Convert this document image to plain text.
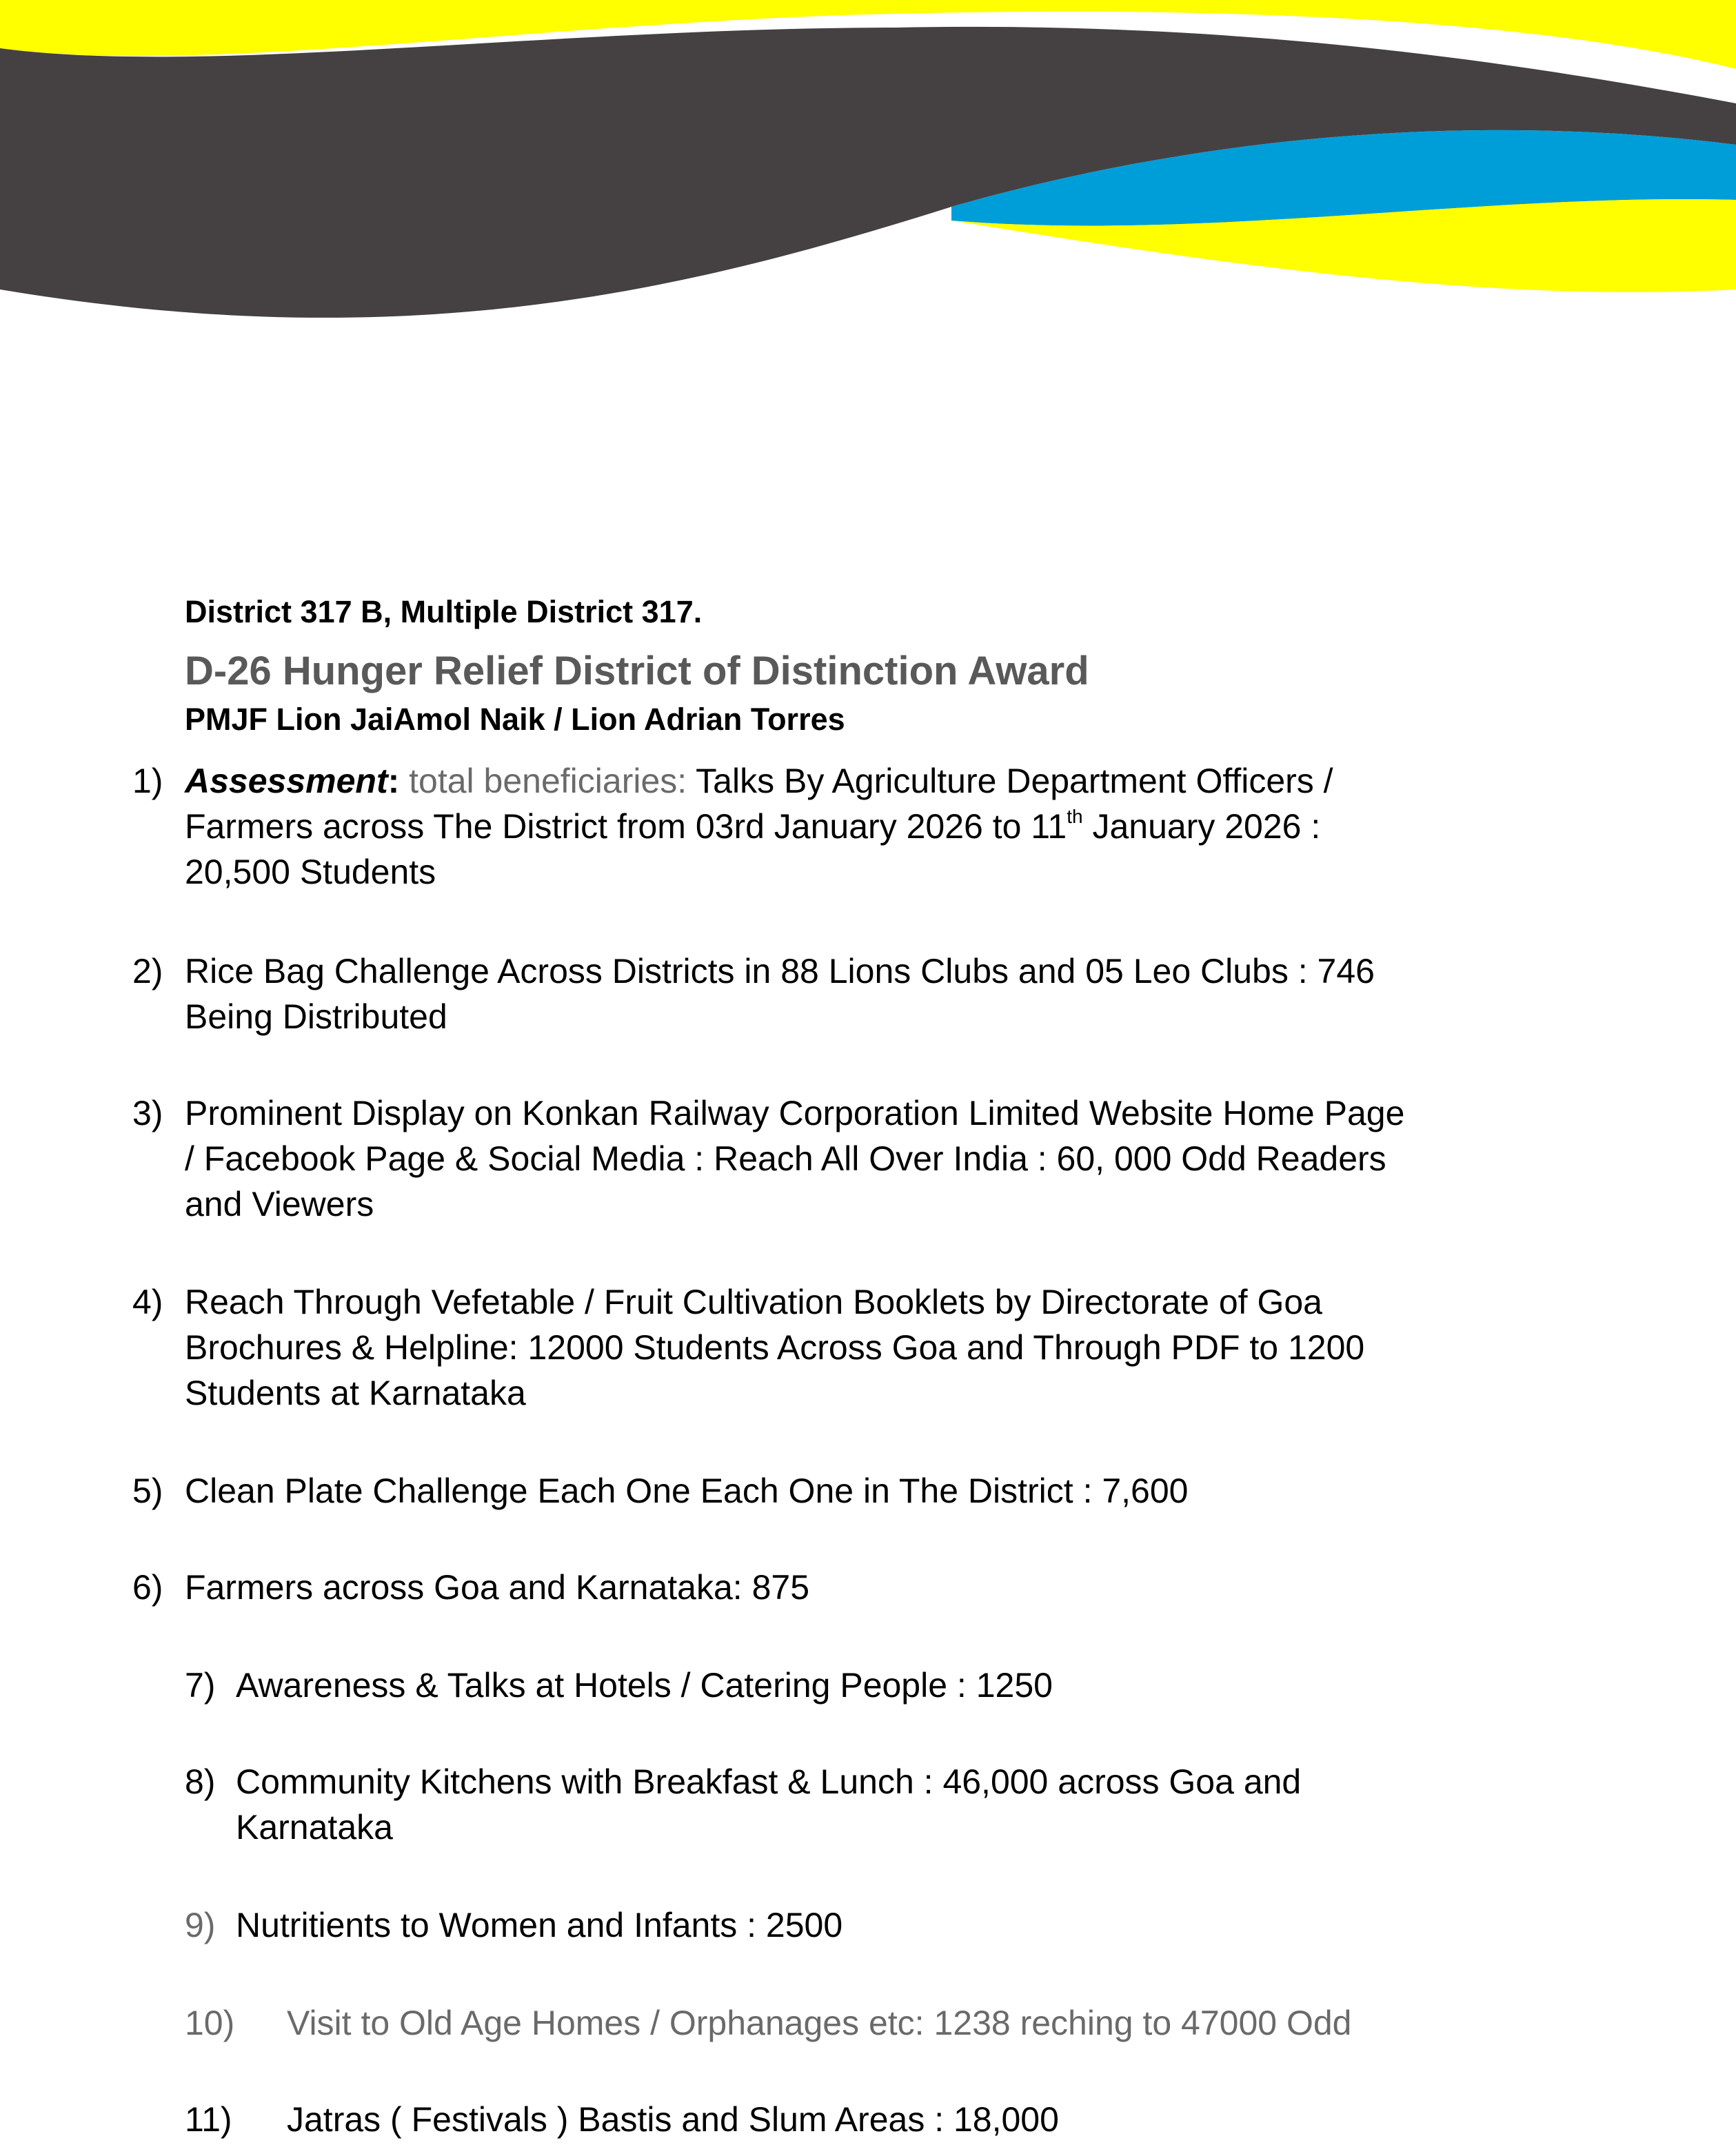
District 317 B, Multiple District 317.

D-26 Hunger Relief District of Distinction Award

PMJF Lion JaiAmol Naik / Lion Adrian Torres

1) Assessment: total beneficiaries: Talks By Agriculture Department Officers /
Farmers across The District from 03rd January 2026 to 11th January 2026 :
20,500 Students
2) Rice Bag Challenge Across Districts in 88 Lions Clubs and 05 Leo Clubs : 746
Being Distributed
3) Prominent Display on Konkan Railway Corporation Limited Website Home Page
/ Facebook Page & Social Media : Reach All Over India : 60, 000 Odd Readers
and Viewers
4) Reach Through Vefetable / Fruit Cultivation Booklets by Directorate of Goa
Brochures & Helpline: 12000 Students Across Goa and Through PDF to 1200
Students at Karnataka
5) Clean Plate Challenge Each One Each One in The District : 7,600
6) Farmers across Goa and Karnataka: 875
7) Awareness & Talks at Hotels / Catering People : 1250
8) Community Kitchens with Breakfast & Lunch : 46,000 across Goa and
Karnataka
9) Nutritients to Women and Infants : 2500
10) Visit to Old Age Homes / Orphanages etc: 1238 reching to 47000 Odd
11) Jatras ( Festivals ) Bastis and Slum Areas : 18,000
